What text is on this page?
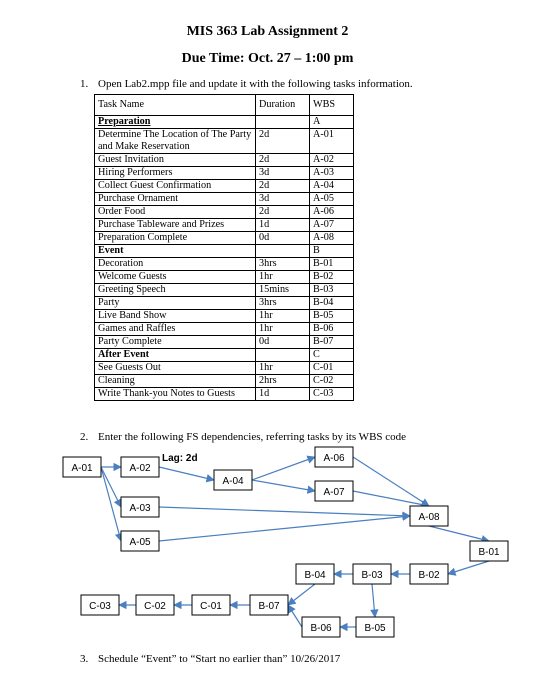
MIS 363 Lab Assignment 2
Due Time: Oct. 27 – 1:00 pm
1. Open Lab2.mpp file and update it with the following tasks information.
Task Name	Duration	WBS
Preparation		A
Determine The Location of The Party and Make Reservation	2d	A-01
Guest Invitation	2d	A-02
Hiring Performers	3d	A-03
Collect Guest Confirmation	2d	A-04
Purchase Ornament	3d	A-05
Order Food	2d	A-06
Purchase Tableware and Prizes	1d	A-07
Preparation Complete	0d	A-08
Event		B
Decoration	3hrs	B-01
Welcome Guests	1hr	B-02
Greeting Speech	15mins	B-03
Party	3hrs	B-04
Live Band Show	1hr	B-05
Games and Raffles	1hr	B-06
Party Complete	0d	B-07
After Event		C
See Guests Out	1hr	C-01
Cleaning	2hrs	C-02
Write Thank-you Notes to Guests	1d	C-03
2. Enter the following FS dependencies, referring tasks by its WBS code
A-01	A-02
A-03
A-04
A-05
A-06
A-07
A-08
B-01
B-02
B-03
B-04
B-05
B-06
B-07
C-01
C-02
C-03
Lag: 2d
3. Schedule “Event” to “Start no earlier than” 10/26/2017
